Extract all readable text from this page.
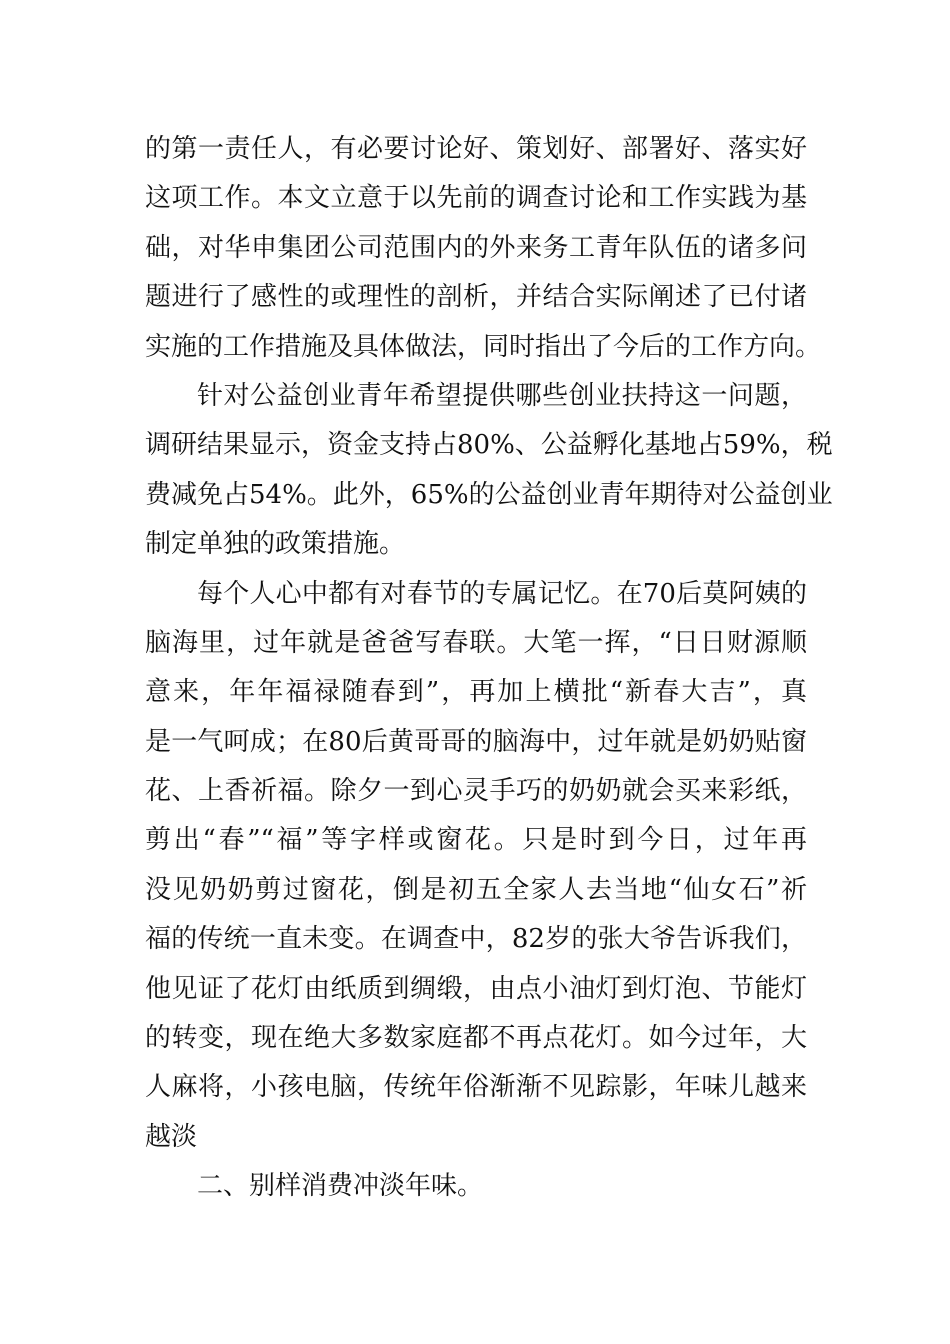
的第一责任人，有必要讨论好、策划好、部署好、落实好
这项工作。本文立意于以先前的调查讨论和工作实践为基
础，对华申集团公司范围内的外来务工青年队伍的诸多问
题进行了感性的或理性的剖析，并结合实际阐述了已付诸
实施的工作措施及具体做法，同时指出了今后的工作方向。
针对公益创业青年希望提供哪些创业扶持这一问题，
调研结果显示，资金支持占80%、公益孵化基地占59%，税
费减免占54%。此外，65%的公益创业青年期待对公益创业
制定单独的政策措施。
每个人心中都有对春节的专属记忆。在70后莫阿姨的
脑海里，过年就是爸爸写春联。大笔一挥，“日日财源顺
意来，年年福禄随春到”，再加上横批“新春大吉”，真
是一气呵成；在80后黄哥哥的脑海中，过年就是奶奶贴窗
花、上香祈福。除夕一到心灵手巧的奶奶就会买来彩纸，
剪出“春”“福”等字样或窗花。只是时到今日，过年再
没见奶奶剪过窗花，倒是初五全家人去当地“仙女石”祈
福的传统一直未变。在调查中，82岁的张大爷告诉我们，
他见证了花灯由纸质到绸缎，由点小油灯到灯泡、节能灯
的转变，现在绝大多数家庭都不再点花灯。如今过年，大
人麻将，小孩电脑，传统年俗渐渐不见踪影，年味儿越来
越淡
二、别样消费冲淡年味。
